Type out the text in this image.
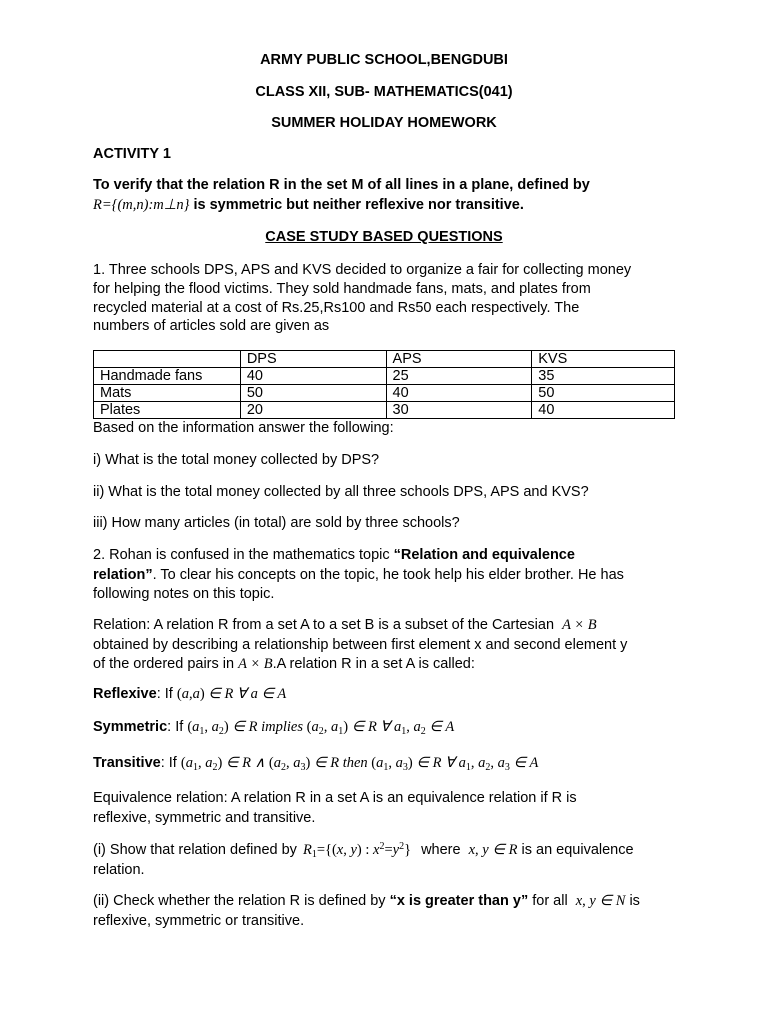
ARMY PUBLIC SCHOOL,BENGDUBI
CLASS XII, SUB- MATHEMATICS(041)
SUMMER HOLIDAY HOMEWORK
ACTIVITY 1
To verify that the relation R in the set M of all lines in a plane, defined by
R={(m,n):m⊥n} is symmetric but neither reflexive nor transitive.
CASE STUDY BASED QUESTIONS
1. Three schools DPS, APS and KVS decided to organize a fair for collecting money
for helping the flood victims. They sold handmade fans, mats, and plates from
recycled material at a cost of Rs.25,Rs100 and Rs50 each respectively. The
numbers of articles sold are given as
	DPS	APS	KVS
Handmade fans	40	25	35
Mats	50	40	50
Plates	20	30	40
Based on the information answer the following:
i) What is the total money collected by DPS?
ii) What is the total money collected by all three schools DPS, APS and KVS?
iii) How many articles (in total) are sold by three schools?
2. Rohan is confused in the mathematics topic “Relation and equivalence
relation”. To clear his concepts on the topic, he took help his elder brother. He has
following notes on this topic.
Relation: A relation R from a set A to a set B is a subset of the Cartesian A × B
obtained by describing a relationship between first element x and second element y
of the ordered pairs in A × B.A relation R in a set A is called:
Reflexive: If (a,a) ∈ R ∀ a ∈ A
Symmetric: If ($a_1$, $a_2$) ∈ R implies ($a_2$, $a_1$) ∈ R ∀ $a_1$, $a_2$ ∈ A
Transitive: If ($a_1$, $a_2$) ∈ R ∧ ($a_2$, $a_3$) ∈ R then ($a_1$, $a_3$) ∈ R ∀ $a_1$, $a_2$, $a_3$ ∈ A
Equivalence relation: A relation R in a set A is an equivalence relation if R is
reflexive, symmetric and transitive.
(i) Show that relation defined by $R_1=\{(x$, y) : $x^2=y^2$} where x, y ∈ R is an equivalence
relation.
(ii) Check whether the relation R is defined by “x is greater than y” for all x, y ∈ N is
reflexive, symmetric or transitive.
